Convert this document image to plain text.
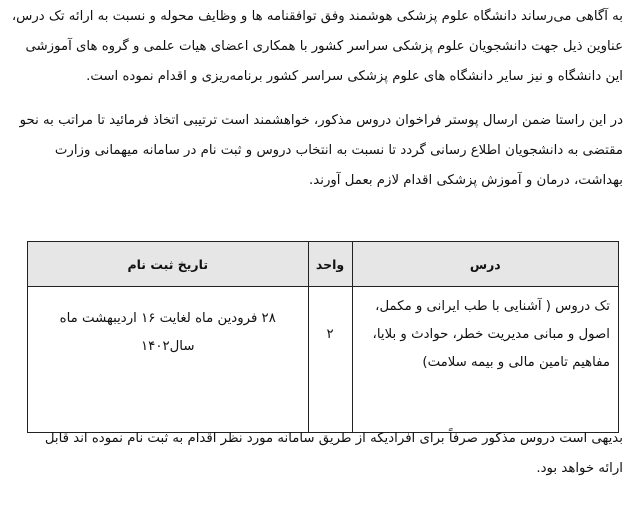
به آگاهی می‌رساند دانشگاه علوم پزشکی هوشمند وفق توافقنامه ها و وظایف محوله و نسبت به ارائه تک درس،
عناوین ذیل جهت دانشجویان علوم پزشکی سراسر کشور با همکاری اعضای هیات علمی و گروه های آموزشی
این دانشگاه و نیز سایر دانشگاه های علوم پزشکی سراسر کشور برنامه‌ریزی و اقدام نموده است.

در این راستا ضمن ارسال پوستر فراخوان دروس مذکور، خواهشمند است ترتیبی اتخاذ فرمائید تا مراتب به نحو
مقتضی به دانشجویان اطلاع رسانی گردد تا نسبت به انتخاب دروس و ثبت نام در سامانه میهمانی وزارت
بهداشت، درمان و آموزش پزشکی اقدام لازم بعمل آورند.

درس	واحد	تاریخ ثبت نام

تک دروس ( آشنایی با طب ایرانی و مکمل،
اصول و مبانی مدیریت خطر، حوادث و بلایا،
مفاهیم تامین مالی و بیمه سلامت)	۲	۲۸ فرودین ماه لغایت ۱۶ اردیبهشت ماه
سال۱۴۰۲

بدیهی است دروس مذکور صرفاً برای افرادیکه از طریق سامانه مورد نظر اقدام به ثبت نام نموده اند قابل
ارائه خواهد بود.
